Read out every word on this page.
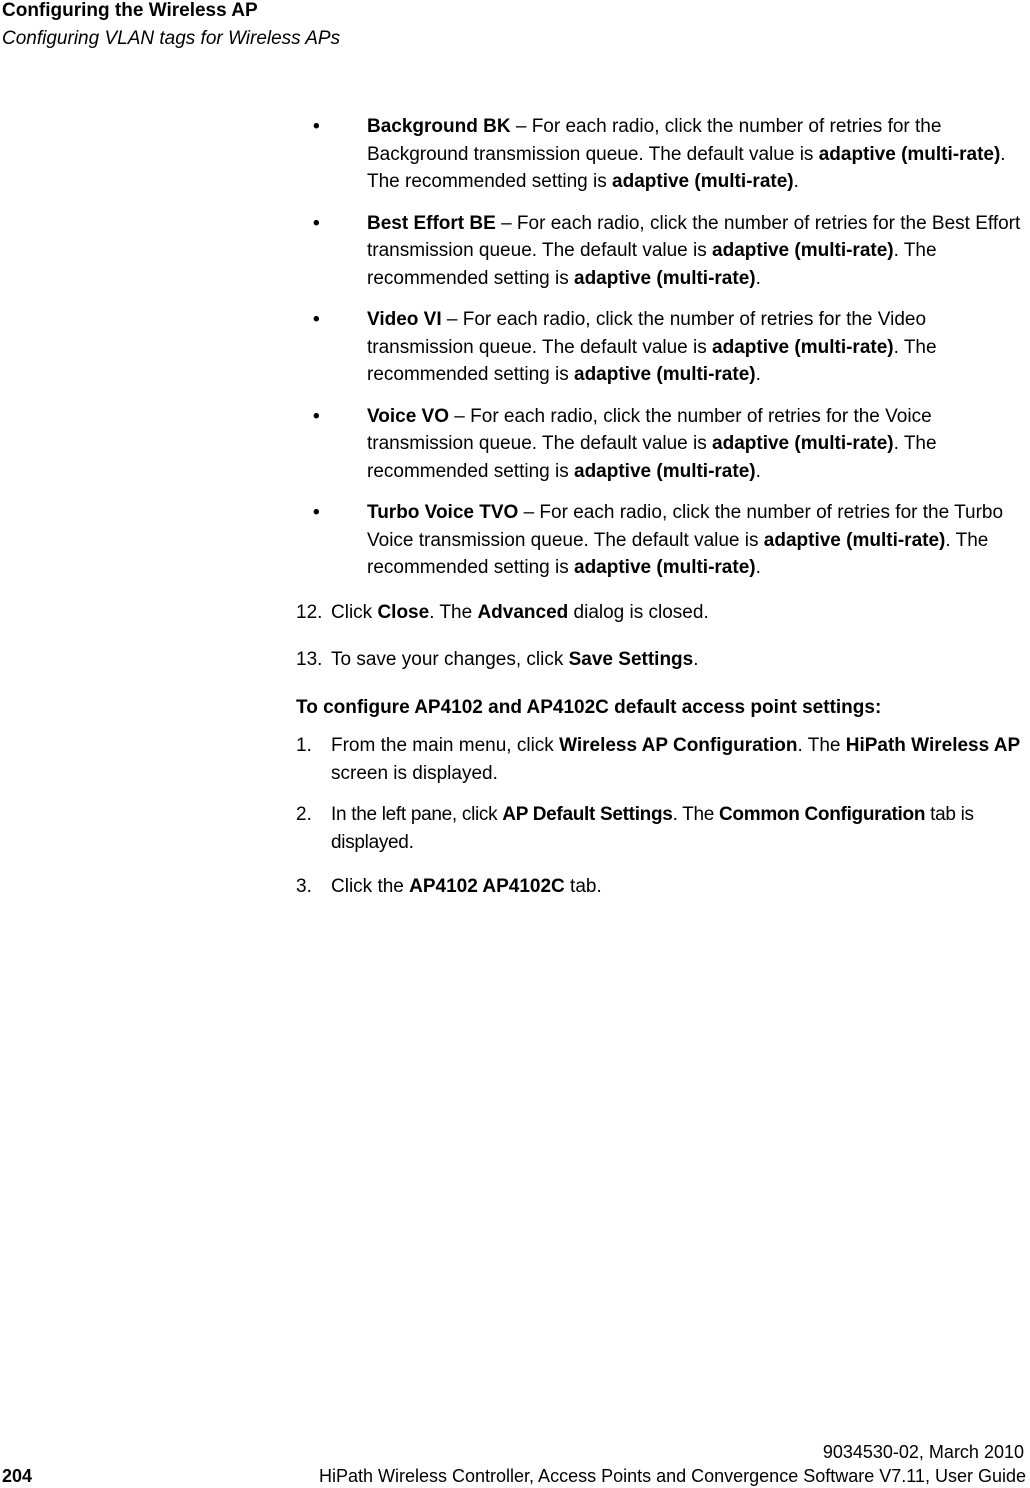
Configuring the Wireless AP
Configuring VLAN tags for Wireless APs
•	Background BK – For each radio, click the number of retries for the Background transmission queue. The default value is adaptive (multi-rate). The recommended setting is adaptive (multi-rate).
•	Best Effort BE – For each radio, click the number of retries for the Best Effort transmission queue. The default value is adaptive (multi-rate). The recommended setting is adaptive (multi-rate).
•	Video VI – For each radio, click the number of retries for the Video transmission queue. The default value is adaptive (multi-rate). The recommended setting is adaptive (multi-rate).
•	Voice VO – For each radio, click the number of retries for the Voice transmission queue. The default value is adaptive (multi-rate). The recommended setting is adaptive (multi-rate).
•	Turbo Voice TVO – For each radio, click the number of retries for the Turbo Voice transmission queue. The default value is adaptive (multi-rate). The recommended setting is adaptive (multi-rate).
12. Click Close. The Advanced dialog is closed.
13. To save your changes, click Save Settings.
To configure AP4102 and AP4102C default access point settings:
1. From the main menu, click Wireless AP Configuration. The HiPath Wireless AP screen is displayed.
2. In the left pane, click AP Default Settings. The Common Configuration tab is displayed.
3. Click the AP4102 AP4102C tab.
9034530-02, March 2010
204	HiPath Wireless Controller, Access Points and Convergence Software V7.11, User Guide
